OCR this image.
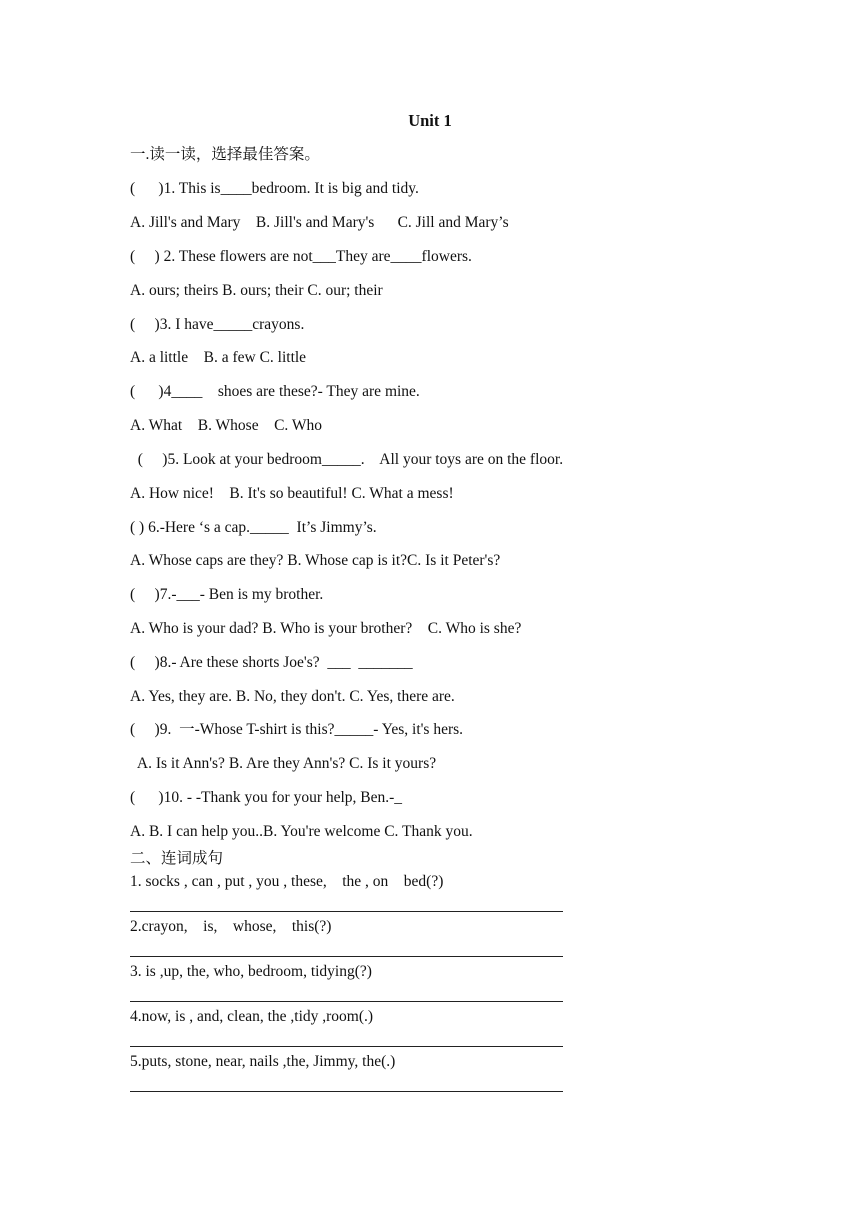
Unit 1
一.读一读，选择最佳答案。
(      )1. This is____bedroom. It is big and tidy.
A. Jill's and Mary    B. Jill's and Mary's      C. Jill and Mary’s
(     ) 2. These flowers are not___They are____flowers.
A. ours; theirs B. ours; their C. our; their
(     )3. I have_____crayons.
A. a little    B. a few C. little
(      )4____    shoes are these?- They are mine.
A. What    B. Whose    C. Who
(     )5. Look at your bedroom_____.    All your toys are on the floor.
A. How nice!    B. It's so beautiful! C. What a mess!
( ) 6.-Here ‘s a cap._____  It’s Jimmy’s.
A. Whose caps are they? B. Whose cap is it?C. Is it Peter's?
(     )7.-___- Ben is my brother.
A. Who is your dad? B. Who is your brother?    C. Who is she?
(     )8.- Are these shorts Joe's?  ___  _______
A. Yes, they are. B. No, they don't. C. Yes, there are.
(     )9.  一-Whose T-shirt is this?_____- Yes, it's hers.
A. Is it Ann's? B. Are they Ann's? C. Is it yours?
(      )10. - -Thank you for your help, Ben.-_
A. B. I can help you..B. You're welcome C. Thank you.
二、连词成句
1. socks , can , put , you , these,    the , on    bed(?)
2.crayon,    is,    whose,    this(?)
3. is ,up, the, who, bedroom, tidying(?)
4.now, is , and, clean, the ,tidy ,room(.)
5.puts, stone, near, nails ,the, Jimmy, the(.)
